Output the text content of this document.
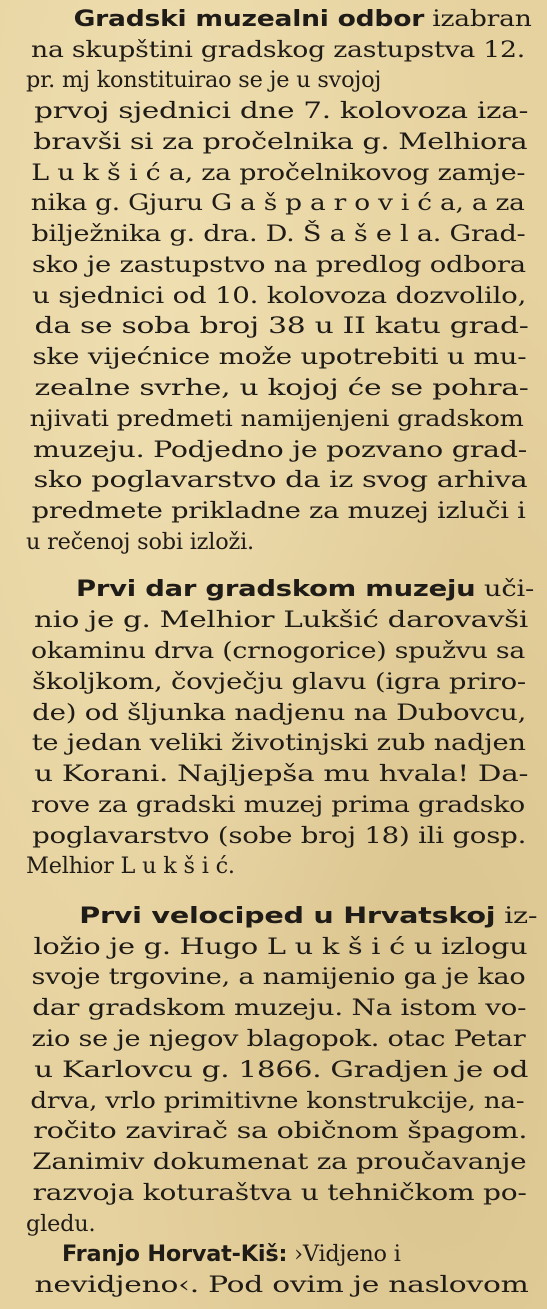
Gradski muzealni odbor izabran
na skupštini gradskog zastupstva 12.
pr. mj konstituirao se je u svojoj
prvoj sjednici dne 7. kolovoza iza-
bravši si za pročelnika g. Melhiora
L u k š i ć a, za pročelnikovog zamje-
nika g. Gjuru G a š p a r o v i ć a, a za
bilježnika g. dra. D. Š a š e l a. Grad-
sko je zastupstvo na predlog odbora
u sjednici od 10. kolovoza dozvolilo,
da se soba broj 38 u II katu grad-
ske vijećnice može upotrebiti u mu-
zealne svrhe, u kojoj će se pohra-
njivati predmeti namijenjeni gradskom
muzeju. Podjedno je pozvano grad-
sko poglavarstvo da iz svog arhiva
predmete prikladne za muzej izluči i
u rečenoj sobi izloži.
Prvi dar gradskom muzeju uči-
nio je g. Melhior Lukšić darovavši
okaminu drva (crnogorice) spužvu sa
školjkom, čovječju glavu (igra priro-
de) od šljunka nadjenu na Dubovcu,
te jedan veliki životinjski zub nadjen
u Korani. Najljepša mu hvala! Da-
rove za gradski muzej prima gradsko
poglavarstvo (sobe broj 18) ili gosp.
Melhior L u k š i ć.
Prvi velociped u Hrvatskoj iz-
ložio je g. Hugo L u k š i ć u izlogu
svoje trgovine, a namijenio ga je kao
dar gradskom muzeju. Na istom vo-
zio se je njegov blagopok. otac Petar
u Karlovcu g. 1866. Gradjen je od
drva, vrlo primitivne konstrukcije, na-
ročito zavirač sa običnom špagom.
Zanimiv dokumenat za proučavanje
razvoja koturaštva u tehničkom po-
gledu.
Franjo Horvat-Kiš: ›Vidjeno i
nevidjeno‹. Pod ovim je naslovom
